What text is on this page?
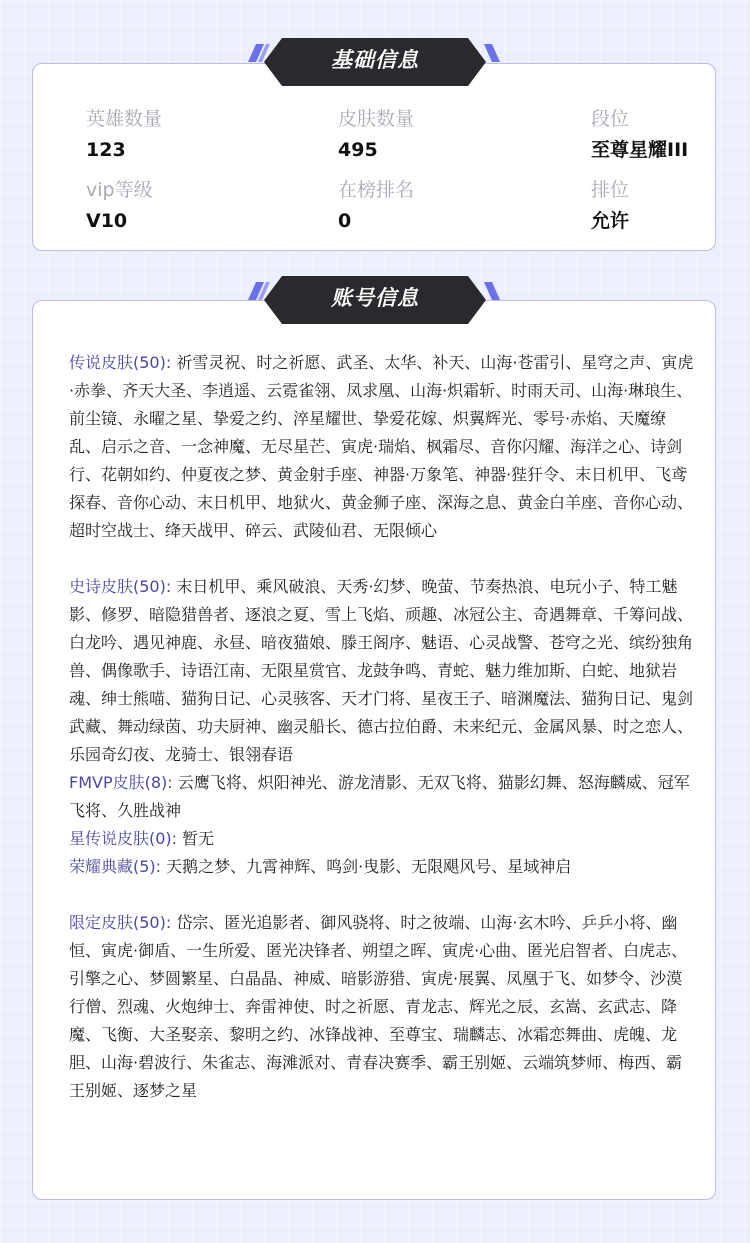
基础信息
英雄数量
123
皮肤数量
495
段位
至尊星耀III
vip等级
V10
在榜排名
0
排位
允许
账号信息

传说皮肤(50): 祈雪灵祝、时之祈愿、武圣、太华、补天、山海·苍雷引、星穹之声、寅虎·赤拳、齐天大圣、李逍遥、云霓雀翎、凤求凰、山海·炽霜斩、时雨天司、山海·琳琅生、前尘镜、永曜之星、挚爱之约、淬星耀世、挚爱花嫁、炽翼辉光、零号·赤焰、天魔缭乱、启示之音、一念神魔、无尽星芒、寅虎·瑞焰、枫霜尽、音你闪耀、海洋之心、诗剑行、花朝如约、仲夏夜之梦、黄金射手座、神器·万象笔、神器·狴犴令、末日机甲、飞鸢探春、音你心动、末日机甲、地狱火、黄金狮子座、深海之息、黄金白羊座、音你心动、超时空战士、绛天战甲、碎云、武陵仙君、无限倾心

史诗皮肤(50): 末日机甲、乘风破浪、天秀·幻梦、晚萤、节奏热浪、电玩小子、特工魅影、修罗、暗隐猎兽者、逐浪之夏、雪上飞焰、顽趣、冰冠公主、奇遇舞章、千筹问战、白龙吟、遇见神鹿、永昼、暗夜猫娘、滕王阁序、魅语、心灵战警、苍穹之光、缤纷独角兽、偶像歌手、诗语江南、无限星赏官、龙鼓争鸣、青蛇、魅力维加斯、白蛇、地狱岩魂、绅士熊喵、猫狗日记、心灵骇客、天才门将、星夜王子、暗渊魔法、猫狗日记、鬼剑武藏、舞动绿茵、功夫厨神、幽灵船长、德古拉伯爵、未来纪元、金属风暴、时之恋人、乐园奇幻夜、龙骑士、银翎春语

FMVP皮肤(8): 云鹰飞将、炽阳神光、游龙清影、无双飞将、猫影幻舞、怒海麟威、冠军飞将、久胜战神

星传说皮肤(0): 暂无

荣耀典藏(5): 天鹅之梦、九霄神辉、鸣剑·曳影、无限飓风号、星域神启

限定皮肤(50): 岱宗、匿光追影者、御风骁将、时之彼端、山海·玄木吟、乒乒小将、幽恒、寅虎·御盾、一生所爱、匿光决锋者、朔望之晖、寅虎·心曲、匿光启智者、白虎志、引擎之心、梦圆繁星、白晶晶、神威、暗影游猎、寅虎·展翼、凤凰于飞、如梦令、沙漠行僧、烈魂、火炮绅士、奔雷神使、时之祈愿、青龙志、辉光之辰、玄嵩、玄武志、降魔、飞衡、大圣娶亲、黎明之约、冰锋战神、至尊宝、瑞麟志、冰霜恋舞曲、虎魄、龙胆、山海·碧波行、朱雀志、海滩派对、青春决赛季、霸王别姬、云端筑梦师、梅西、霸王别姬、逐梦之星
